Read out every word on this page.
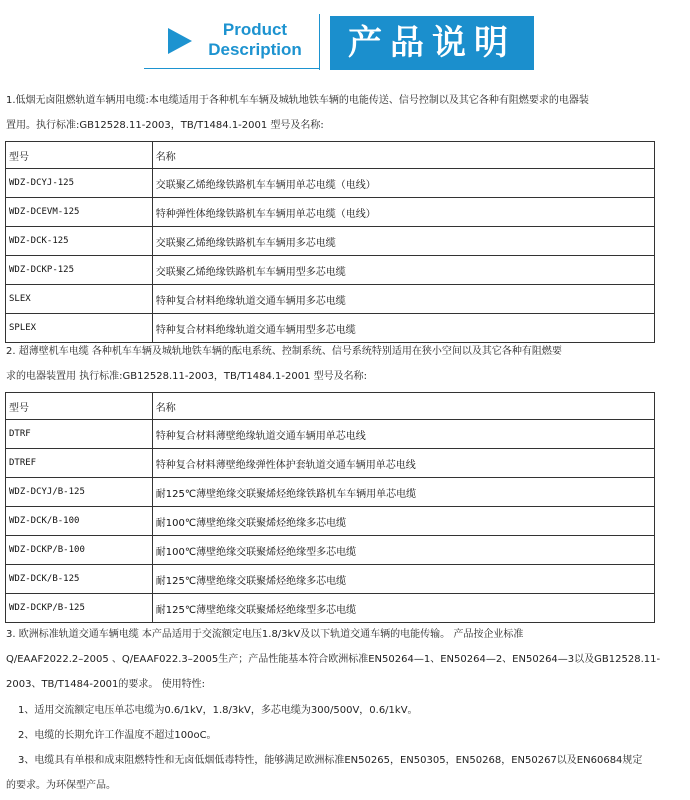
Product
Description	产品说明
1.低烟无卤阻燃轨道车辆用电缆:本电缆适用于各种机车车辆及城轨地铁车辆的电能传送、信号控制以及其它各种有阻燃要求的电器装
置用。执行标准:GB12528.11-2003，TB/T1484.1-2001 型号及名称:
型号	名称
WDZ-DCYJ-125	交联聚乙烯绝缘铁路机车车辆用单芯电缆（电线）
WDZ-DCEVM-125	特种弹性体绝缘铁路机车车辆用单芯电缆（电线）
WDZ-DCK-125	交联聚乙烯绝缘铁路机车车辆用多芯电缆
WDZ-DCKP-125	交联聚乙烯绝缘铁路机车车辆用型多芯电缆
SLEX	特种复合材料绝缘轨道交通车辆用多芯电缆
SPLEX	特种复合材料绝缘轨道交通车辆用型多芯电缆
2. 超薄壁机车电缆 各种机车车辆及城轨地铁车辆的酝电系统、控制系统、信号系统特别适用在狭小空间以及其它各种有阻燃要
求的电器装置用 执行标准:GB12528.11-2003，TB/T1484.1-2001 型号及名称:
型号	名称
DTRF	特种复合材料薄壁绝缘轨道交通车辆用单芯电线
DTREF	特种复合材料薄壁绝缘弹性体护套轨道交通车辆用单芯电线
WDZ-DCYJ/B-125	耐125℃薄壁绝缘交联聚烯烃绝缘铁路机车车辆用单芯电缆
WDZ-DCK/B-100	耐100℃薄壁绝缘交联聚烯烃绝缘多芯电缆
WDZ-DCKP/B-100	耐100℃薄壁绝缘交联聚烯烃绝缘型多芯电缆
WDZ-DCK/B-125	耐125℃薄壁绝缘交联聚烯烃绝缘多芯电缆
WDZ-DCKP/B-125	耐125℃薄壁绝缘交联聚烯烃绝缘型多芯电缆
3. 欧洲标准轨道交通车辆电缆 本产品适用于交流额定电压1.8/3kV及以下轨道交通车辆的电能传输。 产品按企业标准
Q/EAAF2022.2–2005 、Q/EAAF022.3–2005生产；产品性能基本符合欧洲标准EN50264—1、EN50264—2、EN50264—3以及GB12528.11-
2003、TB/T1484-2001的要求。 使用特性:
1、适用交流额定电压单芯电缆为0.6/1kV，1.8/3kV，多芯电缆为300/500V，0.6/1kV。
2、电缆的长期允许工作温度不超过100oC。
3、电缆具有单根和成束阻燃特性和无卤低烟低毒特性，能够满足欧洲标准EN50265，EN50305，EN50268，EN50267以及EN60684规定
的要求。为环保型产品。
